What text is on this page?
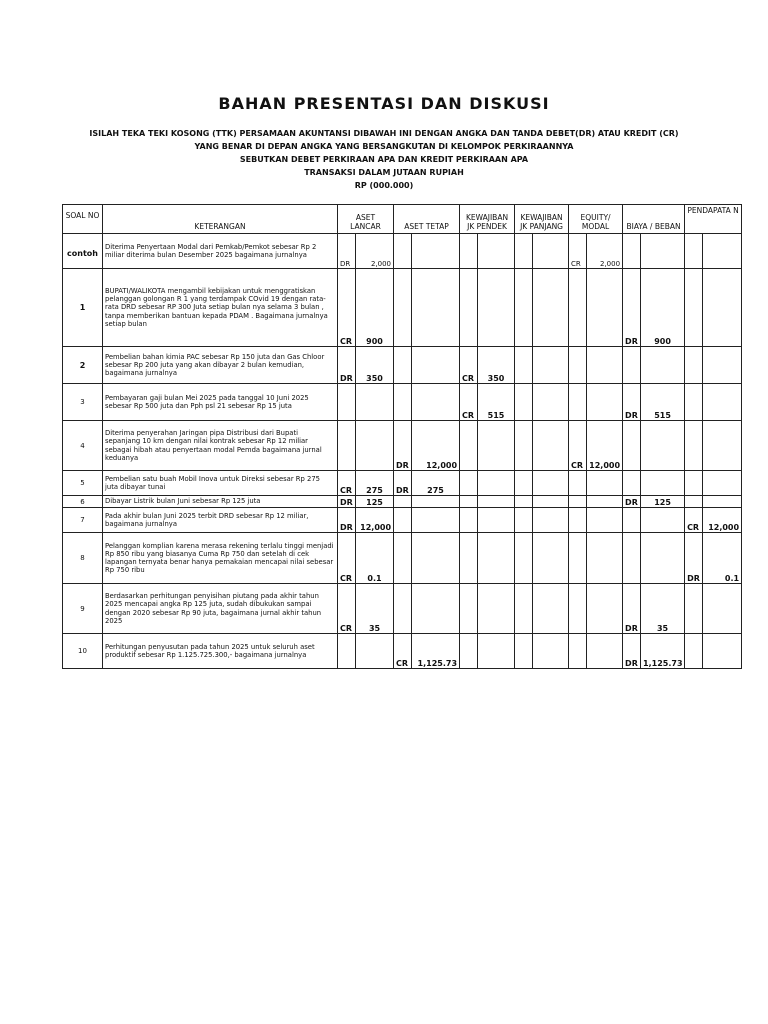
BAHAN PRESENTASI DAN DISKUSI
ISILAH TEKA TEKI KOSONG (TTK) PERSAMAAN AKUNTANSI DIBAWAH INI DENGAN ANGKA DAN TANDA DEBET(DR) ATAU KREDIT (CR)
YANG BENAR DI DEPAN ANGKA YANG BERSANGKUTAN DI KELOMPOK PERKIRAANNYA
SEBUTKAN DEBET PERKIRAAN APA DAN KREDIT PERKIRAAN APA
TRANSAKSI DALAM JUTAAN RUPIAH
RP (000.000)
SOAL NO	KETERANGAN	ASET LANCAR		ASET TETAP		KEWAJIBAN JK PENDEK		KEWAJIBAN JK PANJANG		EQUITY/ MODAL		BIAYA / BEBAN		PENDAPATA N	
contoh	Diterima Penyertaan Modal dari Pemkab/Pemkot sebesar Rp 2 miliar diterima bulan Desember 2025 bagaimana jurnalnya	DR	2,000							CR	2,000				
1	BUPATI/WALIKOTA mengambil kebijakan untuk menggratiskan pelanggan golongan R 1 yang terdampak COvid 19 dengan rata-rata DRD sebesar RP 300 Juta setiap bulan nya selama 3 bulan , tanpa memberikan bantuan kepada PDAM . Bagaimana jurnalnya setiap bulan	CR	900									DR	900		
2	Pembelian bahan kimia PAC sebesar Rp 150 juta dan Gas Chloor sebesar Rp 200 juta yang akan dibayar 2 bulan kemudian, bagaimana jurnalnya	DR	350			CR	350								
3	Pembayaran gaji bulan Mei 2025 pada tanggal 10 Juni 2025 sebesar Rp 500 juta dan Pph psl 21 sebesar Rp 15 juta					CR	515					DR	515		
4	Diterima penyerahan Jaringan pipa Distribusi dari Bupati sepanjang 10 km dengan nilai kontrak sebesar Rp 12 miliar sebagai hibah atau penyertaan modal Pemda bagaimana jurnal keduanya			DR	12,000					CR	12,000				
5	Pembelian satu buah Mobil Inova untuk Direksi sebesar Rp 275 juta dibayar tunai	CR	275	DR	275										
6	Dibayar Listrik bulan Juni sebesar Rp 125 juta	DR	125									DR	125		
7	Pada akhir bulan Juni 2025 terbit DRD sebesar Rp 12 miliar, bagaimana jurnalnya	DR	12,000											CR	12,000
8	Pelanggan komplian karena merasa rekening terlalu tinggi menjadi Rp 850 ribu yang biasanya Cuma Rp 750 dan setelah di cek lapangan ternyata benar hanya pemakaian mencapai nilai sebesar Rp 750 ribu	CR	0.1											DR	0.1
9	Berdasarkan perhitungan penyisihan piutang pada akhir tahun 2025 mencapai angka Rp 125 juta, sudah dibukukan sampai dengan 2020 sebesar Rp 90 juta, bagaimana jurnal akhir tahun 2025	CR	35									DR	35		
10	Perhitungan penyusutan pada tahun 2025 untuk seluruh aset produktif sebesar Rp 1.125.725.300,- bagaimana jurnalnya			CR	1,125.73							DR	1,125.73		
